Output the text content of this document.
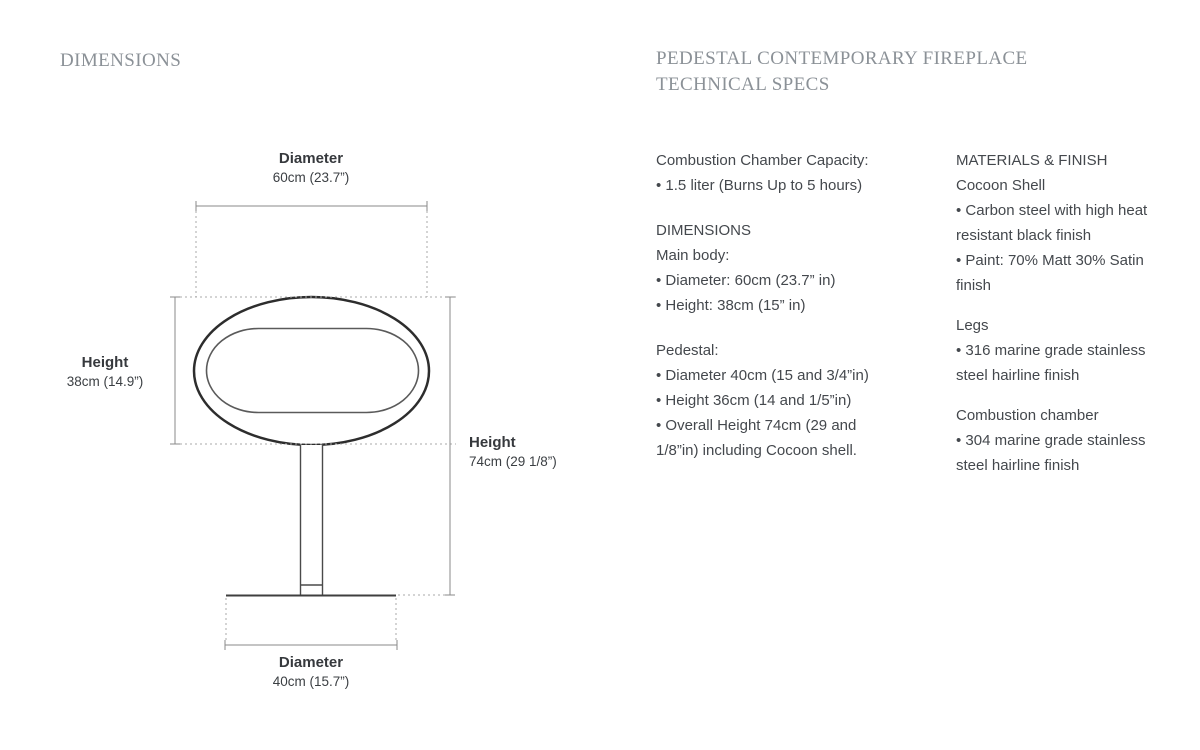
DIMENSIONS	PEDESTAL CONTEMPORARY FIREPLACE
TECHNICAL SPECS
Diameter
60cm (23.7”)
Height
38cm (14.9”)
Height
74cm (29 1/8”)
Diameter
40cm (15.7”)
Combustion Chamber Capacity:
• 1.5 liter (Burns Up to 5 hours)
DIMENSIONS
Main body:
• Diameter: 60cm (23.7” in)
• Height: 38cm (15” in)
Pedestal:
• Diameter 40cm (15 and 3/4”in)
• Height 36cm (14 and 1/5”in)
• Overall Height 74cm (29 and
1/8”in) including Cocoon shell.
MATERIALS & FINISH
Cocoon Shell
• Carbon steel with high heat
resistant black finish
• Paint: 70% Matt 30% Satin
finish
Legs
• 316 marine grade stainless
steel hairline finish
Combustion chamber
• 304 marine grade stainless
steel hairline finish
